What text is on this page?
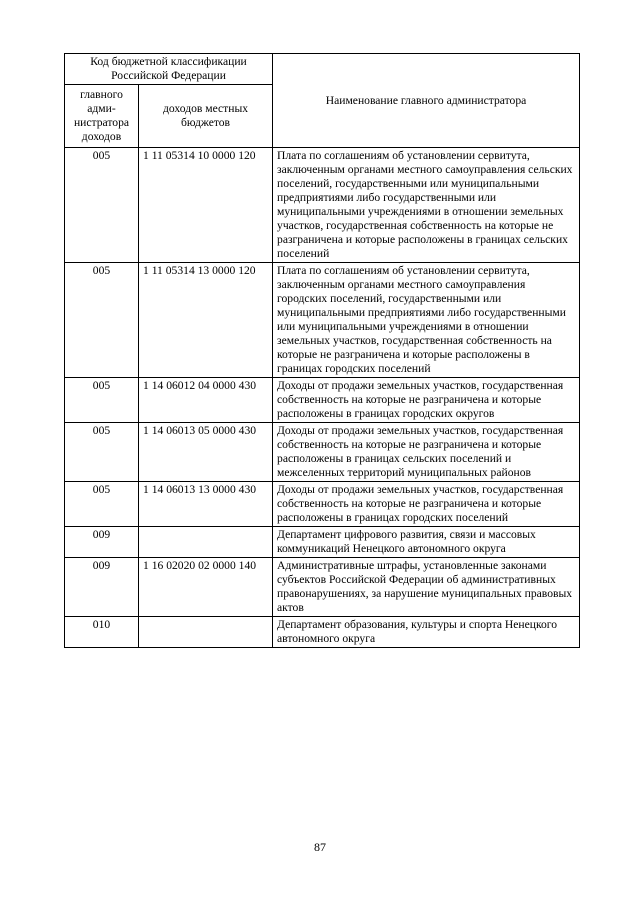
Код бюджетной классификации Российской Федерации		Наименование главного администратора
главного адми-нистратора доходов	доходов местных бюджетов	
005	1 11 05314 10 0000 120	Плата по соглашениям об установлении сервитута, заключенным органами местного самоуправления сельских поселений, государственными или муниципальными предприятиями либо государственными или муниципальными учреждениями в отношении земельных участков, государственная собственность на которые не разграничена и которые расположены в границах сельских поселений
005	1 11 05314 13 0000 120	Плата по соглашениям об установлении сервитута, заключенным органами местного самоуправления городских поселений, государственными или муниципальными предприятиями либо государственными или муниципальными учреждениями в отношении земельных участков, государственная собственность на которые не разграничена и которые расположены в границах городских поселений
005	1 14 06012 04 0000 430	Доходы от продажи земельных участков, государственная собственность на которые не разграничена и которые расположены в границах городских округов
005	1 14 06013 05 0000 430	Доходы от продажи земельных участков, государственная собственность на которые не разграничена и которые расположены в границах сельских поселений и межселенных территорий муниципальных районов
005	1 14 06013 13 0000 430	Доходы от продажи земельных участков, государственная собственность на которые не разграничена и которые расположены в границах городских поселений
009		Департамент цифрового развития, связи и массовых коммуникаций Ненецкого автономного округа
009	1 16 02020 02 0000 140	Административные штрафы, установленные законами субъектов Российской Федерации об административных правонарушениях, за нарушение муниципальных правовых актов
010		Департамент образования, культуры и спорта Ненецкого автономного округа
87
